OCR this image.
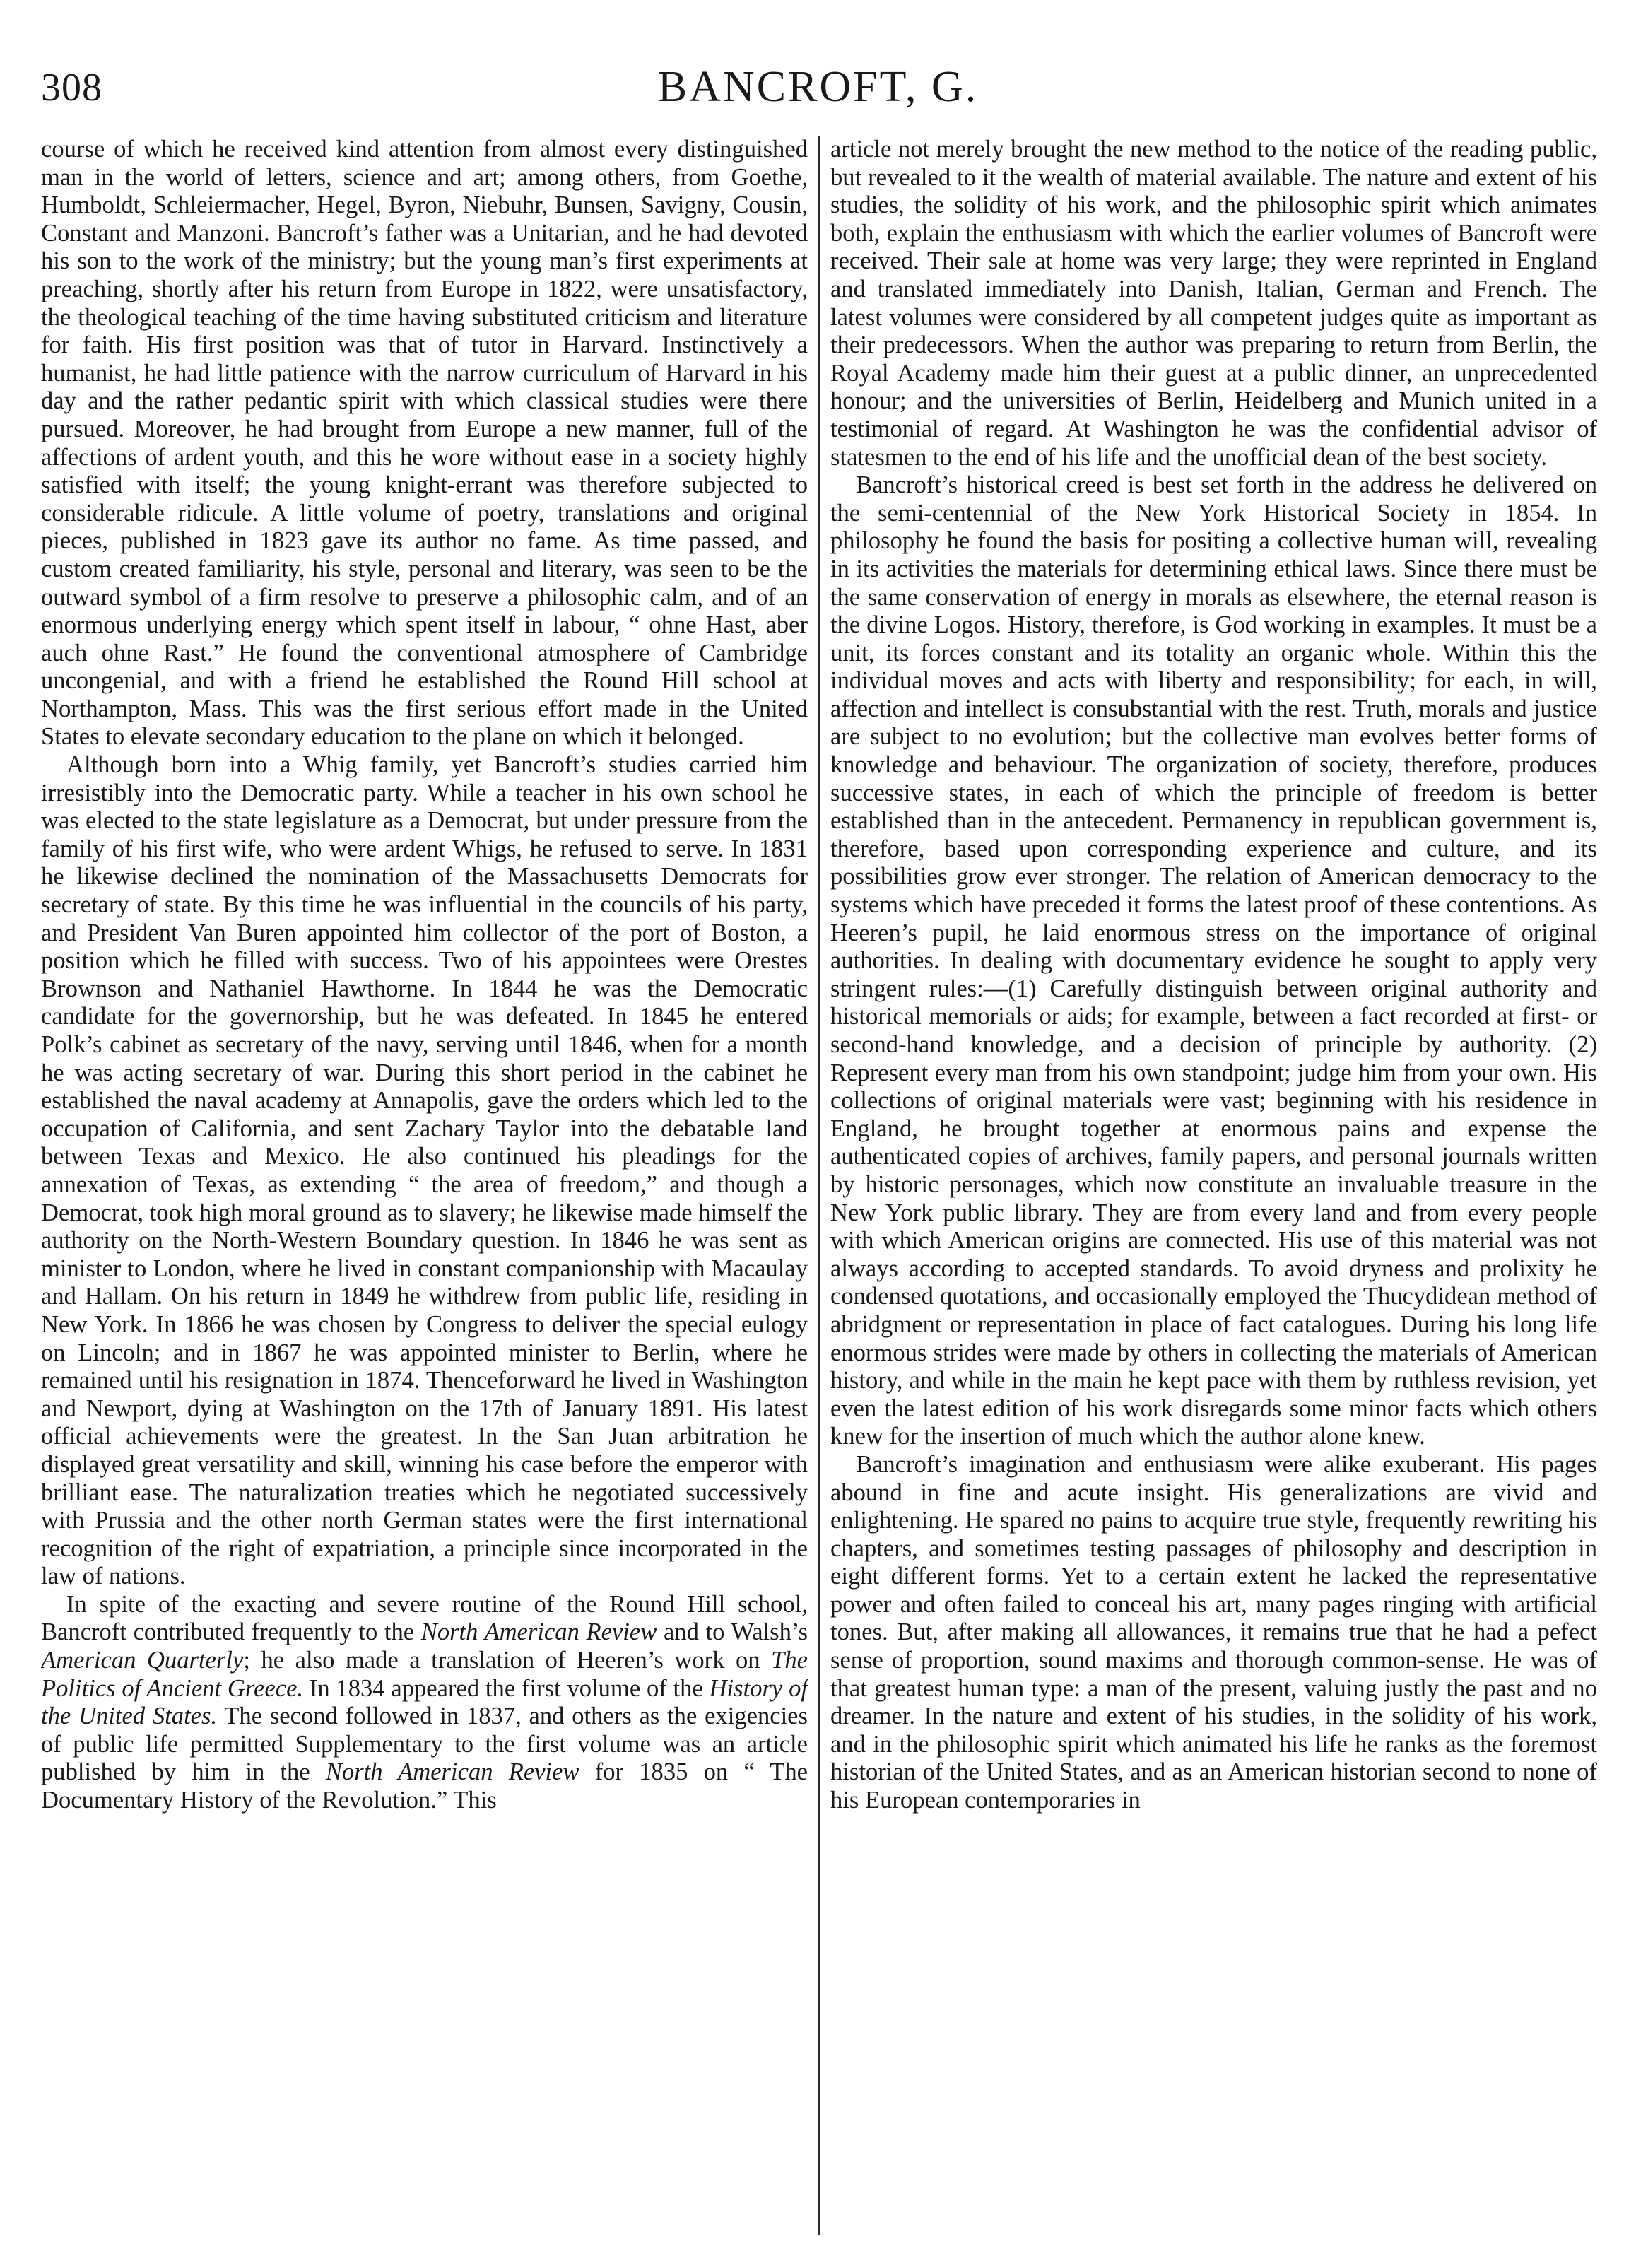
308	BANCROFT, G.

course of which he received kind attention from almost every distinguished man in the world of letters, science and art; among others, from Goethe, Humboldt, Schleiermacher, Hegel, Byron, Niebuhr, Bunsen, Savigny, Cousin, Constant and Manzoni. Bancroft’s father was a Unitarian, and he had devoted his son to the work of the ministry; but the young man’s first experiments at preaching, shortly after his return from Europe in 1822, were unsatisfactory, the theological teaching of the time having substituted criticism and literature for faith. His first position was that of tutor in Harvard. Instinctively a humanist, he had little patience with the narrow curriculum of Harvard in his day and the rather pedantic spirit with which classical studies were there pursued. Moreover, he had brought from Europe a new manner, full of the affections of ardent youth, and this he wore without ease in a society highly satisfied with itself; the young knight-errant was therefore subjected to considerable ridicule. A little volume of poetry, translations and original pieces, published in 1823 gave its author no fame. As time passed, and custom created familiarity, his style, personal and literary, was seen to be the outward symbol of a firm resolve to preserve a philosophic calm, and of an enormous underlying energy which spent itself in labour, “ ohne Hast, aber auch ohne Rast.” He found the conventional atmosphere of Cambridge uncongenial, and with a friend he established the Round Hill school at Northampton, Mass. This was the first serious effort made in the United States to elevate secondary education to the plane on which it belonged.

Although born into a Whig family, yet Bancroft’s studies carried him irresistibly into the Democratic party. While a teacher in his own school he was elected to the state legislature as a Democrat, but under pressure from the family of his first wife, who were ardent Whigs, he refused to serve. In 1831 he likewise declined the nomination of the Massachusetts Democrats for secretary of state. By this time he was influential in the councils of his party, and President Van Buren appointed him collector of the port of Boston, a position which he filled with success. Two of his appointees were Orestes Brownson and Nathaniel Hawthorne. In 1844 he was the Democratic candidate for the governorship, but he was defeated. In 1845 he entered Polk’s cabinet as secretary of the navy, serving until 1846, when for a month he was acting secretary of war. During this short period in the cabinet he established the naval academy at Annapolis, gave the orders which led to the occupation of California, and sent Zachary Taylor into the debatable land between Texas and Mexico. He also continued his pleadings for the annexation of Texas, as extending “ the area of freedom,” and though a Democrat, took high moral ground as to slavery; he likewise made himself the authority on the North-Western Boundary question. In 1846 he was sent as minister to London, where he lived in constant companionship with Macaulay and Hallam. On his return in 1849 he withdrew from public life, residing in New York. In 1866 he was chosen by Congress to deliver the special eulogy on Lincoln; and in 1867 he was appointed minister to Berlin, where he remained until his resignation in 1874. Thenceforward he lived in Washington and Newport, dying at Washington on the 17th of January 1891. His latest official achievements were the greatest. In the San Juan arbitration he displayed great versatility and skill, winning his case before the emperor with brilliant ease. The naturalization treaties which he negotiated successively with Prussia and the other north German states were the first international recognition of the right of expatriation, a principle since incorporated in the law of nations.

In spite of the exacting and severe routine of the Round Hill school, Bancroft contributed frequently to the North American Review and to Walsh’s American Quarterly; he also made a translation of Heeren’s work on The Politics of Ancient Greece. In 1834 appeared the first volume of the History of the United States. The second followed in 1837, and others as the exigencies of public life permitted Supplementary to the first volume was an article published by him in the North American Review for 1835 on “ The Documentary History of the Revolution.” This

article not merely brought the new method to the notice of the reading public, but revealed to it the wealth of material available. The nature and extent of his studies, the solidity of his work, and the philosophic spirit which animates both, explain the enthusiasm with which the earlier volumes of Bancroft were received. Their sale at home was very large; they were reprinted in England and translated immediately into Danish, Italian, German and French. The latest volumes were considered by all competent judges quite as important as their predecessors. When the author was preparing to return from Berlin, the Royal Academy made him their guest at a public dinner, an unprecedented honour; and the universities of Berlin, Heidelberg and Munich united in a testimonial of regard. At Washington he was the confidential advisor of statesmen to the end of his life and the unofficial dean of the best society.

Bancroft’s historical creed is best set forth in the address he delivered on the semi-centennial of the New York Historical Society in 1854. In philosophy he found the basis for positing a collective human will, revealing in its activities the materials for determining ethical laws. Since there must be the same conservation of energy in morals as elsewhere, the eternal reason is the divine Logos. History, therefore, is God working in examples. It must be a unit, its forces constant and its totality an organic whole. Within this the individual moves and acts with liberty and responsibility; for each, in will, affection and intellect is consubstantial with the rest. Truth, morals and justice are subject to no evolution; but the collective man evolves better forms of knowledge and behaviour. The organization of society, therefore, produces successive states, in each of which the principle of freedom is better established than in the antecedent. Permanency in republican government is, therefore, based upon corresponding experience and culture, and its possibilities grow ever stronger. The relation of American democracy to the systems which have preceded it forms the latest proof of these contentions. As Heeren’s pupil, he laid enormous stress on the importance of original authorities. In dealing with documentary evidence he sought to apply very stringent rules:—(1) Carefully distinguish between original authority and historical memorials or aids; for example, between a fact recorded at first- or second-hand knowledge, and a decision of principle by authority. (2) Represent every man from his own standpoint; judge him from your own. His collections of original materials were vast; beginning with his residence in England, he brought together at enormous pains and expense the authenticated copies of archives, family papers, and personal journals written by historic personages, which now constitute an invaluable treasure in the New York public library. They are from every land and from every people with which American origins are connected. His use of this material was not always according to accepted standards. To avoid dryness and prolixity he condensed quotations, and occasionally employed the Thucydidean method of abridgment or representation in place of fact catalogues. During his long life enormous strides were made by others in collecting the materials of American history, and while in the main he kept pace with them by ruthless revision, yet even the latest edition of his work disregards some minor facts which others knew for the insertion of much which the author alone knew.

Bancroft’s imagination and enthusiasm were alike exuberant. His pages abound in fine and acute insight. His generalizations are vivid and enlightening. He spared no pains to acquire true style, frequently rewriting his chapters, and sometimes testing passages of philosophy and description in eight different forms. Yet to a certain extent he lacked the representative power and often failed to conceal his art, many pages ringing with artificial tones. But, after making all allowances, it remains true that he had a pefect sense of proportion, sound maxims and thorough common-sense. He was of that greatest human type: a man of the present, valuing justly the past and no dreamer. In the nature and extent of his studies, in the solidity of his work, and in the philosophic spirit which animated his life he ranks as the foremost historian of the United States, and as an American historian second to none of his European contemporaries in
